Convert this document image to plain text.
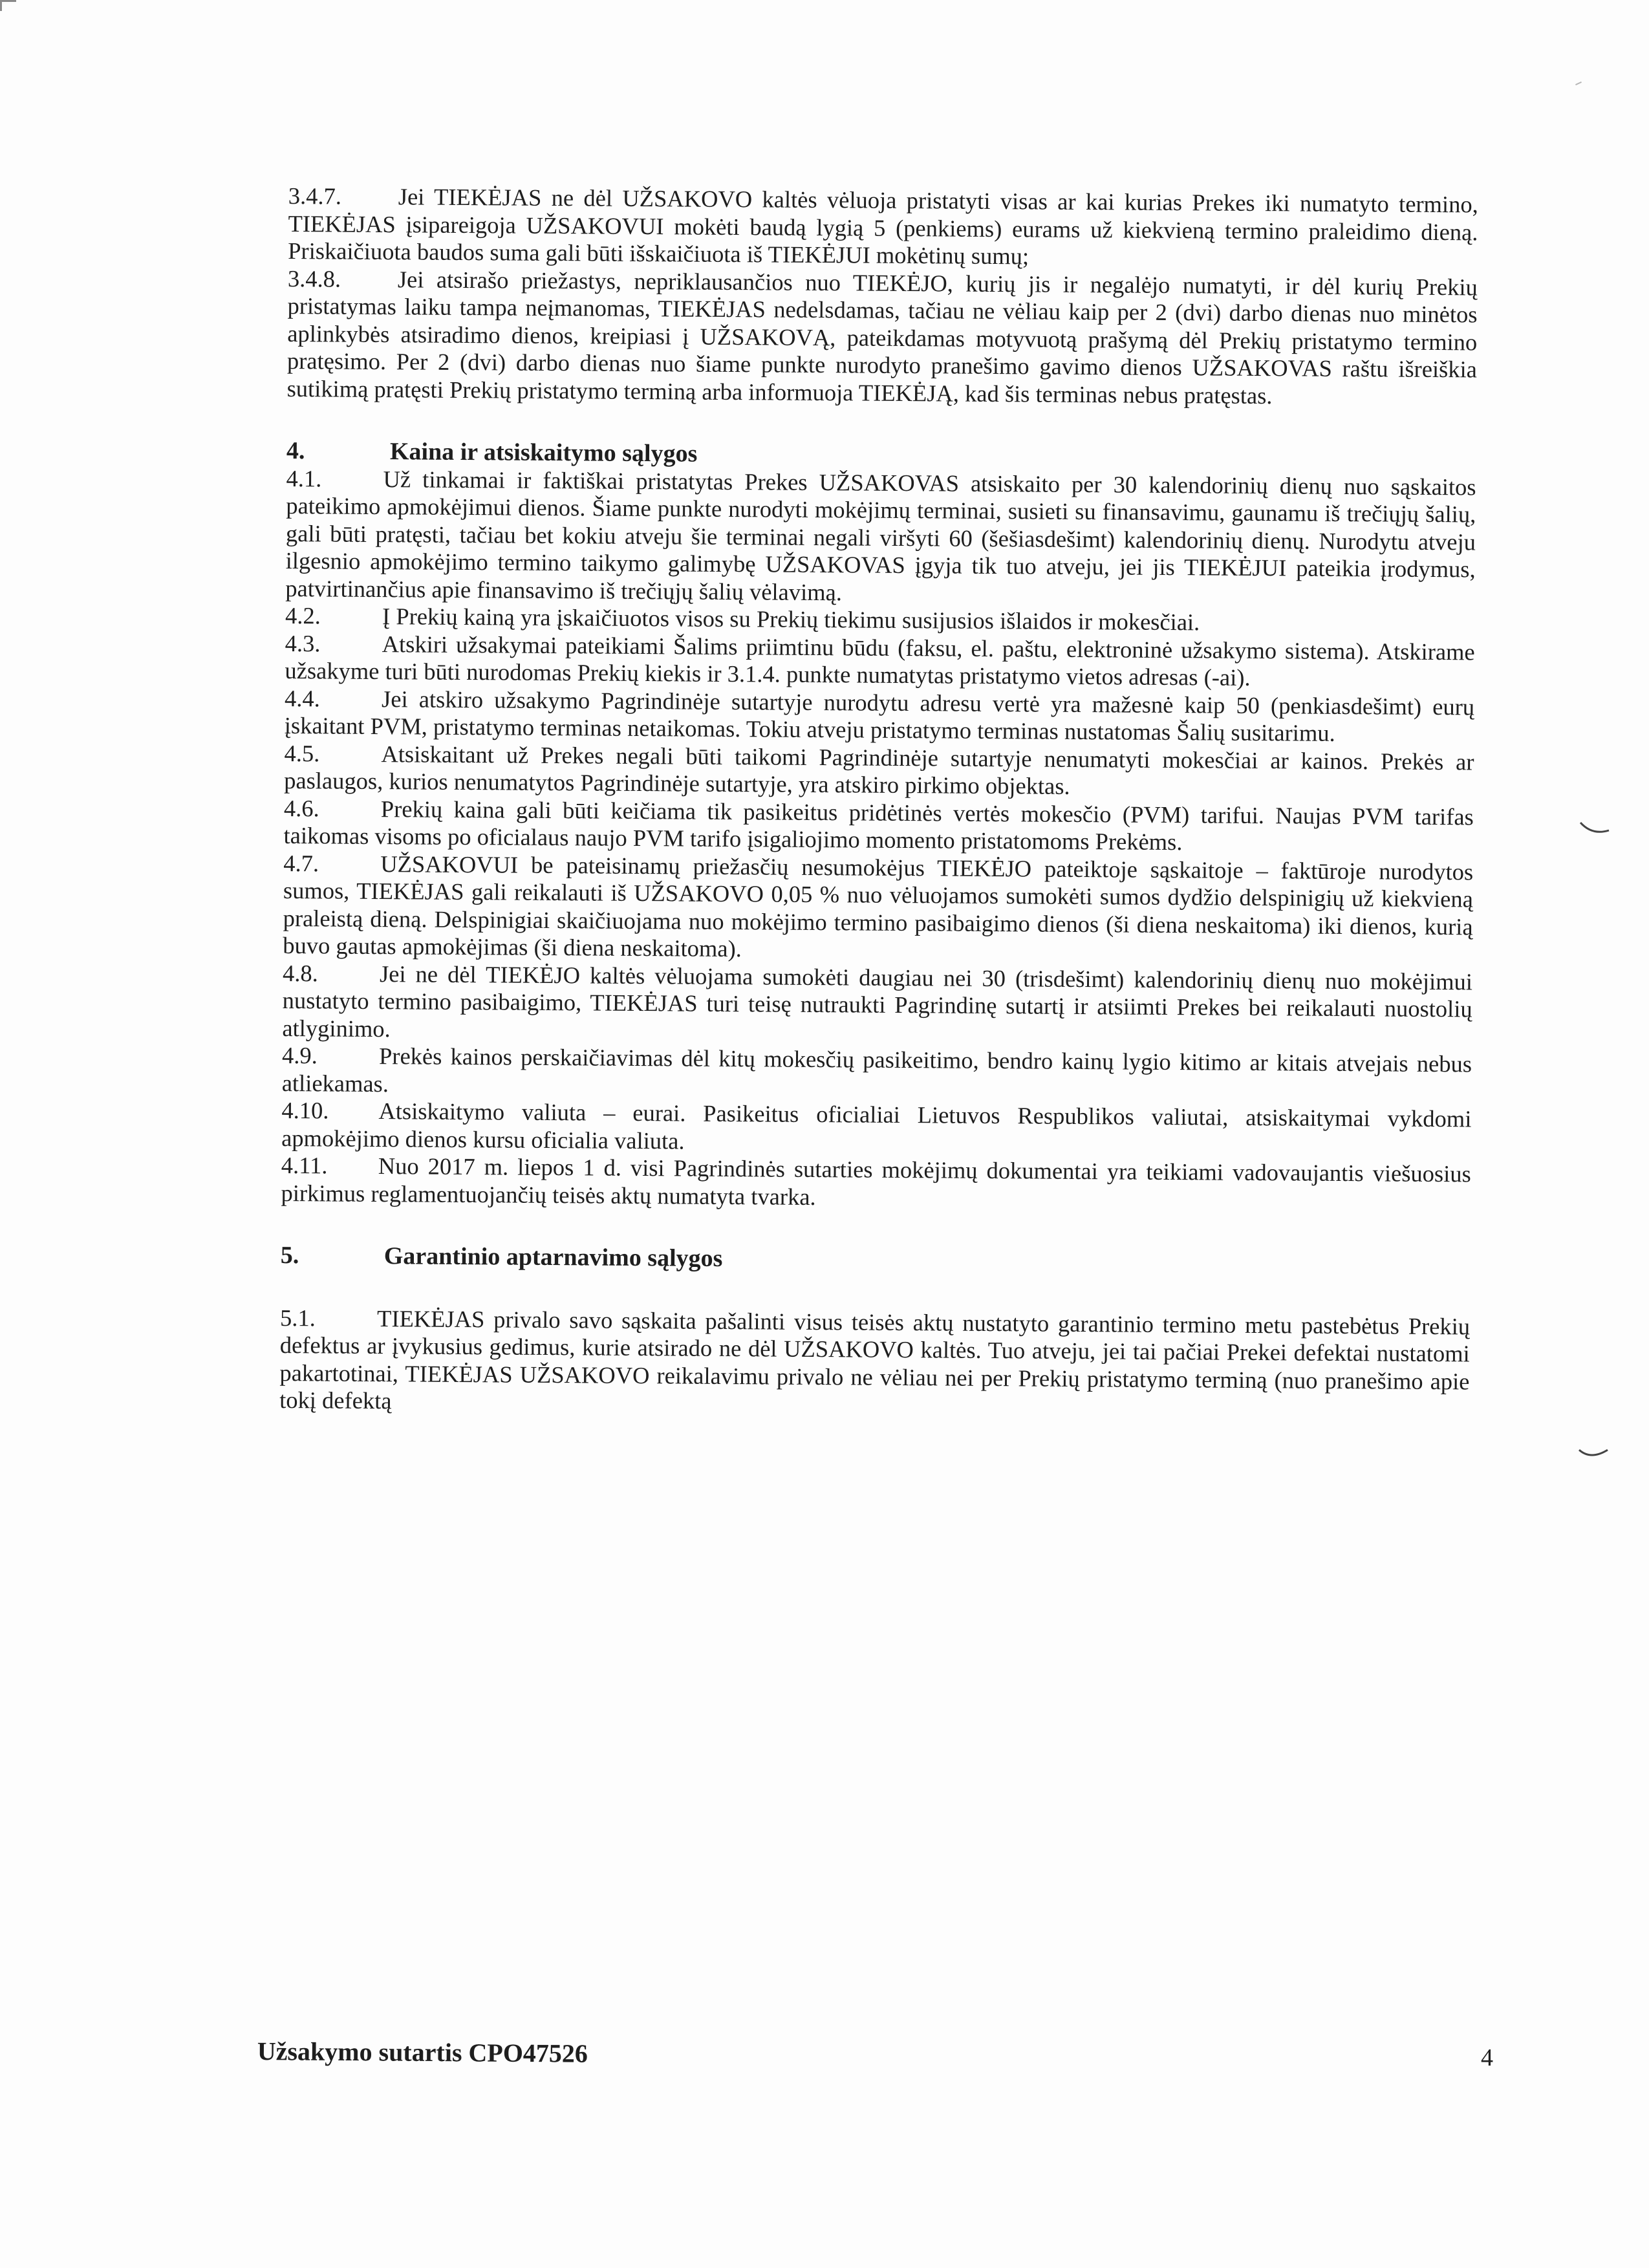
3.4.7. Jei TIEKĖJAS ne dėl UŽSAKOVO kaltės vėluoja pristatyti visas ar kai kurias Prekes iki numatyto termino, TIEKĖJAS įsipareigoja UŽSAKOVUI mokėti baudą lygią 5 (penkiems) eurams už kiekvieną termino praleidimo dieną. Priskaičiuota baudos suma gali būti išskaičiuota iš TIEKĖJUI mokėtinų sumų;

3.4.8. Jei atsirašo priežastys, nepriklausančios nuo TIEKĖJO, kurių jis ir negalėjo numatyti, ir dėl kurių Prekių pristatymas laiku tampa neįmanomas, TIEKĖJAS nedelsdamas, tačiau ne vėliau kaip per 2 (dvi) darbo dienas nuo minėtos aplinkybės atsiradimo dienos, kreipiasi į UŽSAKOVĄ, pateikdamas motyvuotą prašymą dėl Prekių pristatymo termino pratęsimo. Per 2 (dvi) darbo dienas nuo šiame punkte nurodyto pranešimo gavimo dienos UŽSAKOVAS raštu išreiškia sutikimą pratęsti Prekių pristatymo terminą arba informuoja TIEKĖJĄ, kad šis terminas nebus pratęstas.

4.	Kaina ir atsiskaitymo sąlygos

4.1.	Už tinkamai ir faktiškai pristatytas Prekes UŽSAKOVAS atsiskaito per 30 kalendorinių dienų nuo sąskaitos pateikimo apmokėjimui dienos. Šiame punkte nurodyti mokėjimų terminai, susieti su finansavimu, gaunamu iš trečiųjų šalių, gali būti pratęsti, tačiau bet kokiu atveju šie terminai negali viršyti 60 (šešiasdešimt) kalendorinių dienų. Nurodytu atveju ilgesnio apmokėjimo termino taikymo galimybę UŽSAKOVAS įgyja tik tuo atveju, jei jis TIEKĖJUI pateikia įrodymus, patvirtinančius apie finansavimo iš trečiųjų šalių vėlavimą.

4.2.	Į Prekių kainą yra įskaičiuotos visos su Prekių tiekimu susijusios išlaidos ir mokesčiai.

4.3.	Atskiri užsakymai pateikiami Šalims priimtinu būdu (faksu, el. paštu, elektroninė užsakymo sistema). Atskirame užsakyme turi būti nurodomas Prekių kiekis ir 3.1.4. punkte numatytas pristatymo vietos adresas (-ai).

4.4.	Jei atskiro užsakymo Pagrindinėje sutartyje nurodytu adresu vertė yra mažesnė kaip 50 (penkiasdešimt) eurų įskaitant PVM, pristatymo terminas netaikomas. Tokiu atveju pristatymo terminas nustatomas Šalių susitarimu.

4.5.	Atsiskaitant už Prekes negali būti taikomi Pagrindinėje sutartyje nenumatyti mokesčiai ar kainos. Prekės ar paslaugos, kurios nenumatytos Pagrindinėje sutartyje, yra atskiro pirkimo objektas.

4.6.	Prekių kaina gali būti keičiama tik pasikeitus pridėtinės vertės mokesčio (PVM) tarifui. Naujas PVM tarifas taikomas visoms po oficialaus naujo PVM tarifo įsigaliojimo momento pristatomoms Prekėms.

4.7.	UŽSAKOVUI be pateisinamų priežasčių nesumokėjus TIEKĖJO pateiktoje sąskaitoje – faktūroje nurodytos sumos, TIEKĖJAS gali reikalauti iš UŽSAKOVO 0,05 % nuo vėluojamos sumokėti sumos dydžio delspinigių už kiekvieną praleistą dieną. Delspinigiai skaičiuojama nuo mokėjimo termino pasibaigimo dienos (ši diena neskaitoma) iki dienos, kurią buvo gautas apmokėjimas (ši diena neskaitoma).

4.8.	Jei ne dėl TIEKĖJO kaltės vėluojama sumokėti daugiau nei 30 (trisdešimt) kalendorinių dienų nuo mokėjimui nustatyto termino pasibaigimo, TIEKĖJAS turi teisę nutraukti Pagrindinę sutartį ir atsiimti Prekes bei reikalauti nuostolių atlyginimo.

4.9.	Prekės kainos perskaičiavimas dėl kitų mokesčių pasikeitimo, bendro kainų lygio kitimo ar kitais atvejais nebus atliekamas.

4.10. Atsiskaitymo valiuta – eurai. Pasikeitus oficialiai Lietuvos Respublikos valiutai, atsiskaitymai vykdomi apmokėjimo dienos kursu oficialia valiuta.

4.11. Nuo 2017 m. liepos 1 d. visi Pagrindinės sutarties mokėjimų dokumentai yra teikiami vadovaujantis viešuosius pirkimus reglamentuojančių teisės aktų numatyta tvarka.

5.	Garantinio aptarnavimo sąlygos

5.1.	TIEKĖJAS privalo savo sąskaita pašalinti visus teisės aktų nustatyto garantinio termino metu pastebėtus Prekių defektus ar įvykusius gedimus, kurie atsirado ne dėl UŽSAKOVO kaltės. Tuo atveju, jei tai pačiai Prekei defektai nustatomi pakartotinai, TIEKĖJAS UŽSAKOVO reikalavimu privalo ne vėliau nei per Prekių pristatymo terminą (nuo pranešimo apie tokį defektą

Užsakymo sutartis CPO47526	4
